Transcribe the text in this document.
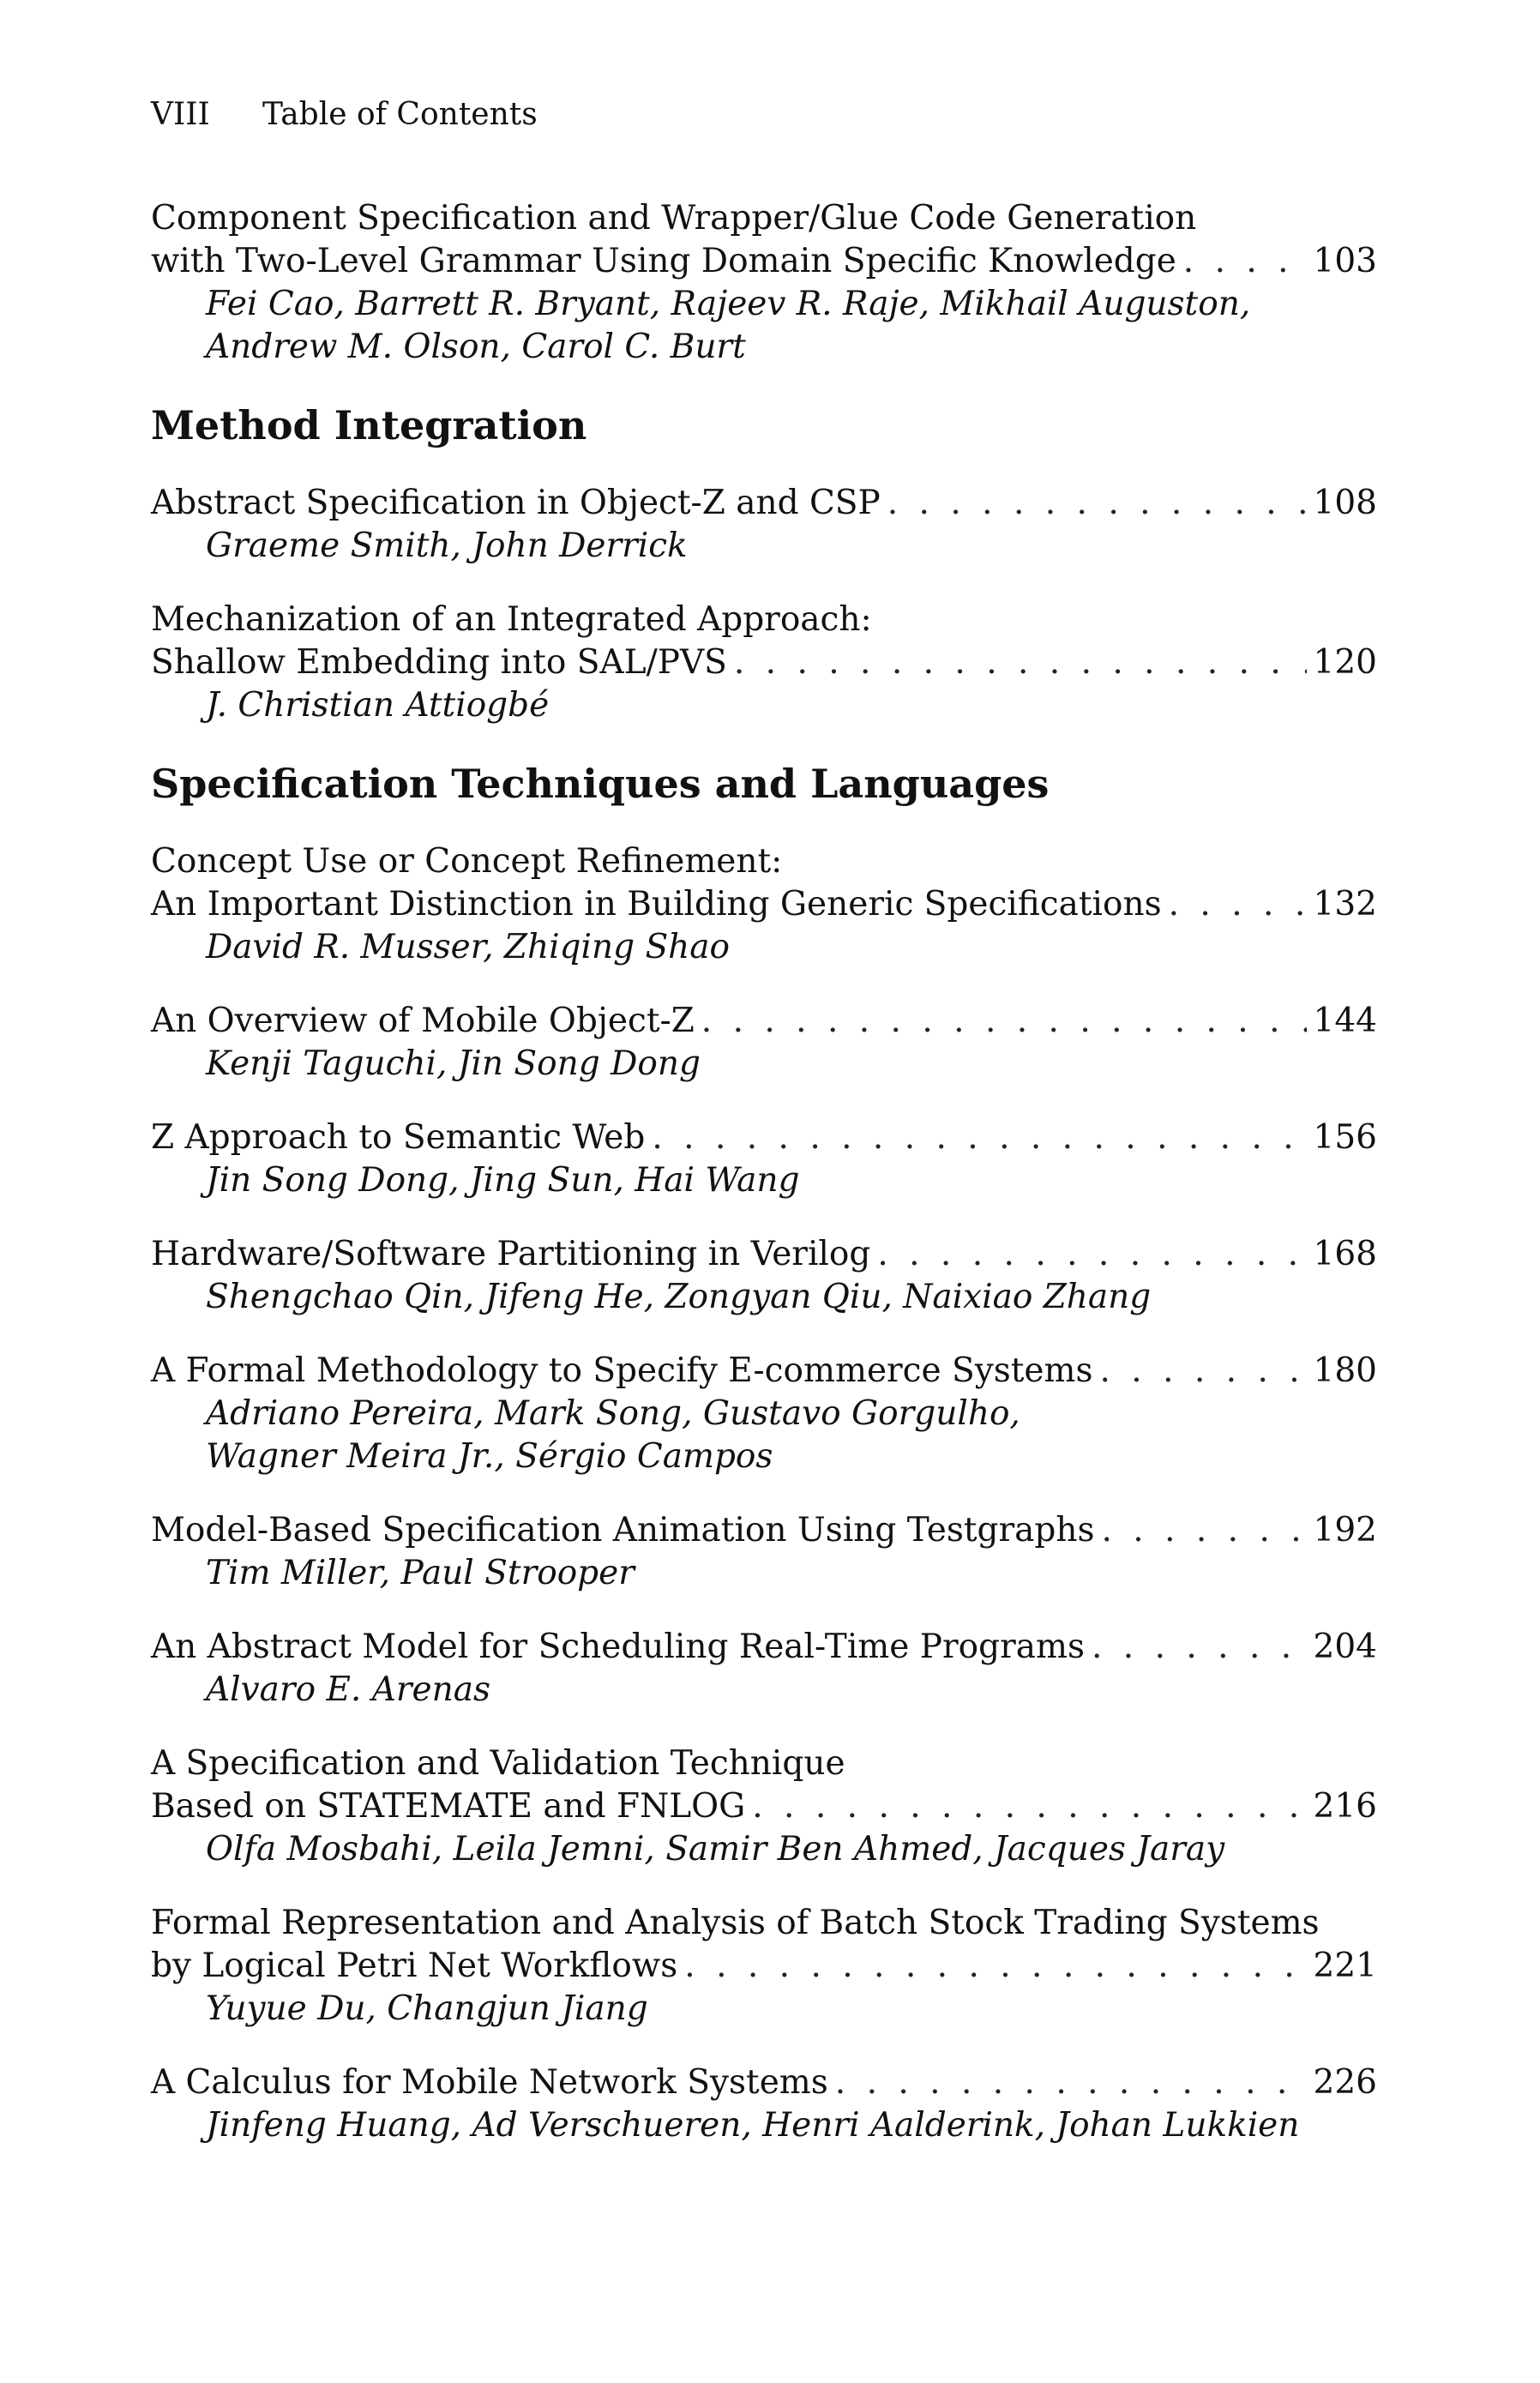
VIII	Table of Contents
Component Specification and Wrapper/Glue Code Generation
with Two-Level Grammar Using Domain Specific Knowledge . . .	103
Fei Cao, Barrett R. Bryant, Rajeev R. Raje, Mikhail Auguston,
Andrew M. Olson, Carol C. Burt
Method Integration
Abstract Specification in Object-Z and CSP . . .	108
Graeme Smith, John Derrick
Mechanization of an Integrated Approach:
Shallow Embedding into SAL/PVS . . .	120
J. Christian Attiogbé
Specification Techniques and Languages
Concept Use or Concept Refinement:
An Important Distinction in Building Generic Specifications . . .	132
David R. Musser, Zhiqing Shao
An Overview of Mobile Object-Z . . .	144
Kenji Taguchi, Jin Song Dong
Z Approach to Semantic Web . . .	156
Jin Song Dong, Jing Sun, Hai Wang
Hardware/Software Partitioning in Verilog . . .	168
Shengchao Qin, Jifeng He, Zongyan Qiu, Naixiao Zhang
A Formal Methodology to Specify E-commerce Systems . . .	180
Adriano Pereira, Mark Song, Gustavo Gorgulho,
Wagner Meira Jr., Sérgio Campos
Model-Based Specification Animation Using Testgraphs . . .	192
Tim Miller, Paul Strooper
An Abstract Model for Scheduling Real-Time Programs . . .	204
Alvaro E. Arenas
A Specification and Validation Technique
Based on STATEMATE and FNLOG . . .	216
Olfa Mosbahi, Leila Jemni, Samir Ben Ahmed, Jacques Jaray
Formal Representation and Analysis of Batch Stock Trading Systems
by Logical Petri Net Workflows . . .	221
Yuyue Du, Changjun Jiang
A Calculus for Mobile Network Systems . . .	226
Jinfeng Huang, Ad Verschueren, Henri Aalderink, Johan Lukkien
